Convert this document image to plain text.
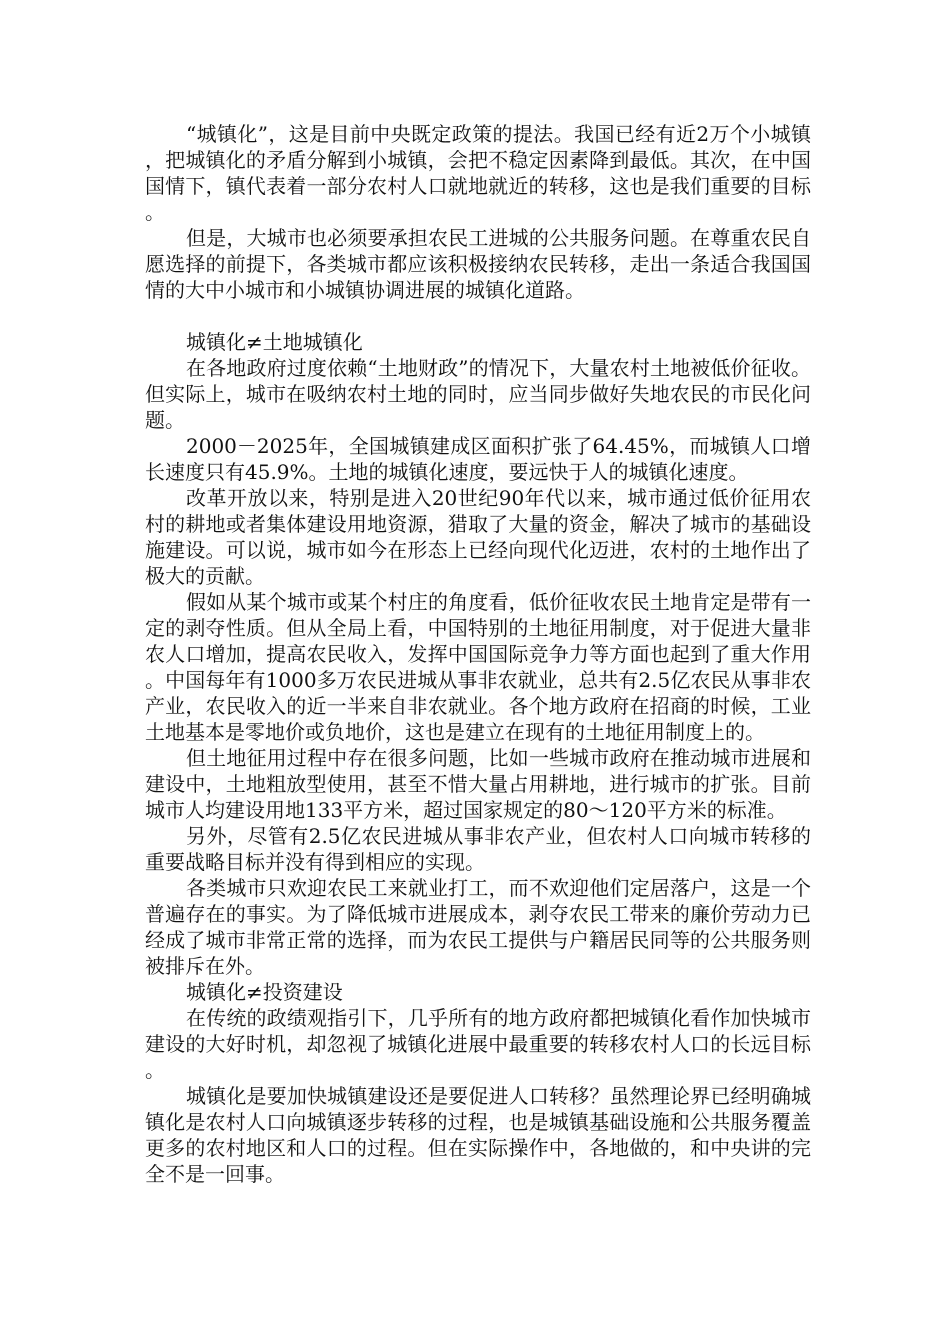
“城镇化”，这是目前中央既定政策的提法。我国已经有近2万个小城镇，把城镇化的矛盾分解到小城镇，会把不稳定因素降到最低。其次，在中国国情下，镇代表着一部分农村人口就地就近的转移，这也是我们重要的目标。

但是，大城市也必须要承担农民工进城的公共服务问题。在尊重农民自愿选择的前提下，各类城市都应该积极接纳农民转移，走出一条适合我国国情的大中小城市和小城镇协调进展的城镇化道路。

城镇化≠土地城镇化

在各地政府过度依赖“土地财政”的情况下，大量农村土地被低价征收。但实际上，城市在吸纳农村土地的同时，应当同步做好失地农民的市民化问题。

2000－2025年，全国城镇建成区面积扩张了64.45%，而城镇人口增长速度只有45.9%。土地的城镇化速度，要远快于人的城镇化速度。

改革开放以来，特别是进入20世纪90年代以来，城市通过低价征用农村的耕地或者集体建设用地资源，猎取了大量的资金，解决了城市的基础设施建设。可以说，城市如今在形态上已经向现代化迈进，农村的土地作出了极大的贡献。

假如从某个城市或某个村庄的角度看，低价征收农民土地肯定是带有一定的剥夺性质。但从全局上看，中国特别的土地征用制度，对于促进大量非农人口增加，提高农民收入，发挥中国国际竞争力等方面也起到了重大作用。中国每年有1000多万农民进城从事非农就业，总共有2.5亿农民从事非农产业，农民收入的近一半来自非农就业。各个地方政府在招商的时候，工业土地基本是零地价或负地价，这也是建立在现有的土地征用制度上的。

但土地征用过程中存在很多问题，比如一些城市政府在推动城市进展和建设中，土地粗放型使用，甚至不惜大量占用耕地，进行城市的扩张。目前城市人均建设用地133平方米，超过国家规定的80～120平方米的标准。

另外，尽管有2.5亿农民进城从事非农产业，但农村人口向城市转移的重要战略目标并没有得到相应的实现。

各类城市只欢迎农民工来就业打工，而不欢迎他们定居落户，这是一个普遍存在的事实。为了降低城市进展成本，剥夺农民工带来的廉价劳动力已经成了城市非常正常的选择，而为农民工提供与户籍居民同等的公共服务则被排斥在外。

城镇化≠投资建设

在传统的政绩观指引下，几乎所有的地方政府都把城镇化看作加快城市建设的大好时机，却忽视了城镇化进展中最重要的转移农村人口的长远目标。

城镇化是要加快城镇建设还是要促进人口转移？虽然理论界已经明确城镇化是农村人口向城镇逐步转移的过程，也是城镇基础设施和公共服务覆盖更多的农村地区和人口的过程。但在实际操作中，各地做的，和中央讲的完全不是一回事。
